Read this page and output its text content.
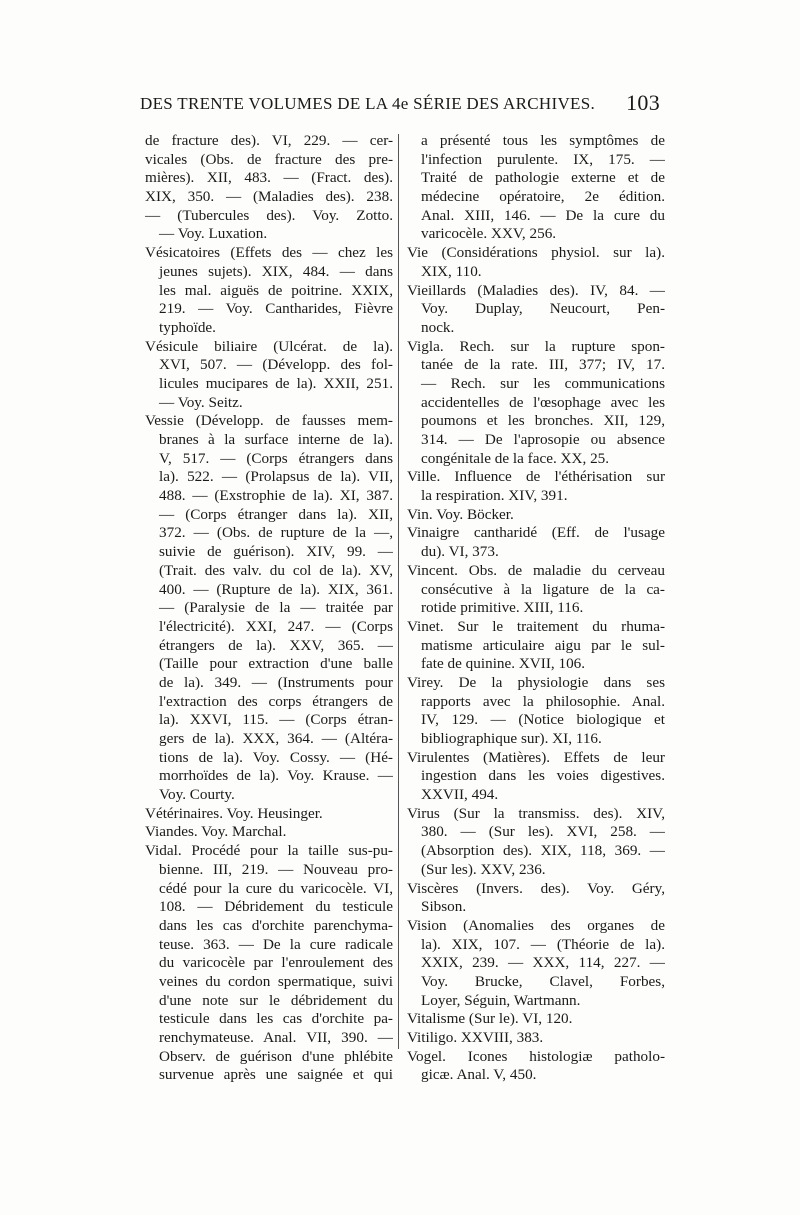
DES TRENTE VOLUMES DE LA 4e SÉRIE DES ARCHIVES. 103
de fracture des). VI, 229. — cer-
vicales (Obs. de fracture des pre-
mières). XII, 483. — (Fract. des).
XIX, 350. — (Maladies des). 238.
— (Tubercules des). Voy. Zotto.
— Voy. Luxation.
Vésicatoires (Effets des — chez les
jeunes sujets). XIX, 484. — dans
les mal. aiguës de poitrine. XXIX,
219. — Voy. Cantharides, Fièvre
typhoïde.
Vésicule biliaire (Ulcérat. de la).
XVI, 507. — (Développ. des fol-
licules mucipares de la). XXII, 251.
— Voy. Seitz.
Vessie (Développ. de fausses mem-
branes à la surface interne de la).
V, 517. — (Corps étrangers dans
la). 522. — (Prolapsus de la). VII,
488. — (Exstrophie de la). XI, 387.
— (Corps étranger dans la). XII,
372. — (Obs. de rupture de la —,
suivie de guérison). XIV, 99. —
(Trait. des valv. du col de la). XV,
400. — (Rupture de la). XIX, 361.
— (Paralysie de la — traitée par
l'électricité). XXI, 247. — (Corps
étrangers de la). XXV, 365. —
(Taille pour extraction d'une balle
de la). 349. — (Instruments pour
l'extraction des corps étrangers de
la). XXVI, 115. — (Corps étran-
gers de la). XXX, 364. — (Altéra-
tions de la). Voy. Cossy. — (Hé-
morrhoïdes de la). Voy. Krause. —
Voy. Courty.
Vétérinaires. Voy. Heusinger.
Viandes. Voy. Marchal.
Vidal. Procédé pour la taille sus-pu-
bienne. III, 219. — Nouveau pro-
cédé pour la cure du varicocèle. VI,
108. — Débridement du testicule
dans les cas d'orchite parenchyma-
teuse. 363. — De la cure radicale
du varicocèle par l'enroulement des
veines du cordon spermatique, suivi
d'une note sur le débridement du
testicule dans les cas d'orchite pa-
renchymateuse. Anal. VII, 390. —
Observ. de guérison d'une phlébite
survenue après une saignée et qui
a présenté tous les symptômes de
l'infection purulente. IX, 175. —
Traité de pathologie externe et de
médecine opératoire, 2e édition.
Anal. XIII, 146. — De la cure du
varicocèle. XXV, 256.
Vie (Considérations physiol. sur la).
XIX, 110.
Vieillards (Maladies des). IV, 84. —
Voy. Duplay, Neucourt, Pen-
nock.
Vigla. Rech. sur la rupture spon-
tanée de la rate. III, 377; IV, 17.
— Rech. sur les communications
accidentelles de l'œsophage avec les
poumons et les bronches. XII, 129,
314. — De l'aprosopie ou absence
congénitale de la face. XX, 25.
Ville. Influence de l'éthérisation sur
la respiration. XIV, 391.
Vin. Voy. Böcker.
Vinaigre cantharidé (Eff. de l'usage
du). VI, 373.
Vincent. Obs. de maladie du cerveau
consécutive à la ligature de la ca-
rotide primitive. XIII, 116.
Vinet. Sur le traitement du rhuma-
matisme articulaire aigu par le sul-
fate de quinine. XVII, 106.
Virey. De la physiologie dans ses
rapports avec la philosophie. Anal.
IV, 129. — (Notice biologique et
bibliographique sur). XI, 116.
Virulentes (Matières). Effets de leur
ingestion dans les voies digestives.
XXVII, 494.
Virus (Sur la transmiss. des). XIV,
380. — (Sur les). XVI, 258. —
(Absorption des). XIX, 118, 369. —
(Sur les). XXV, 236.
Viscères (Invers. des). Voy. Géry,
Sibson.
Vision (Anomalies des organes de
la). XIX, 107. — (Théorie de la).
XXIX, 239. — XXX, 114, 227. —
Voy. Brucke, Clavel, Forbes,
Loyer, Séguin, Wartmann.
Vitalisme (Sur le). VI, 120.
Vitiligo. XXVIII, 383.
Vogel. Icones histologiæ patholo-
gicæ. Anal. V, 450.
